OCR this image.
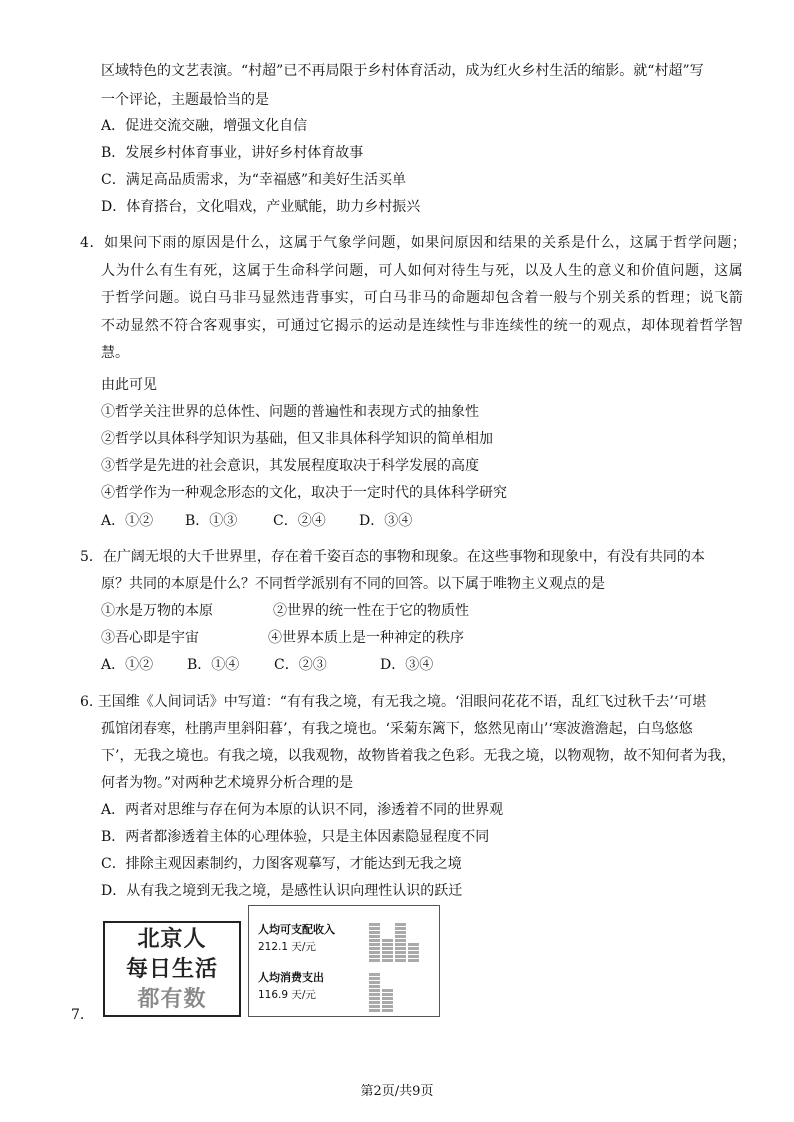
区域特色的文艺表演。“村超”已不再局限于乡村体育活动，成为红火乡村生活的缩影。就“村超”写
一个评论，主题最恰当的是
A．促进交流交融，增强文化自信
B．发展乡村体育事业，讲好乡村体育故事
C．满足高品质需求，为“幸福感”和美好生活买单
D．体育搭台，文化唱戏，产业赋能，助力乡村振兴
4．如果问下雨的原因是什么，这属于气象学问题，如果问原因和结果的关系是什么，这属于哲学问题；
人为什么有生有死，这属于生命科学问题，可人如何对待生与死，以及人生的意义和价值问题，这属
于哲学问题。说白马非马显然违背事实，可白马非马的命题却包含着一般与个别关系的哲理；说飞箭
不动显然不符合客观事实，可通过它揭示的运动是连续性与非连续性的统一的观点，却体现着哲学智
慧。
由此可见
①哲学关注世界的总体性、问题的普遍性和表现方式的抽象性
②哲学以具体科学知识为基础，但又非具体科学知识的简单相加
③哲学是先进的社会意识，其发展程度取决于科学发展的高度
④哲学作为一种观念形态的文化，取决于一定时代的具体科学研究
A．①② B．①③	C．②④ D．③④
5．在广阔无垠的大千世界里，存在着千姿百态的事物和现象。在这些事物和现象中，有没有共同的本
原？共同的本原是什么？不同哲学派别有不同的回答。以下属于唯物主义观点的是
①水是万物的本原	②世界的统一性在于它的物质性
③吾心即是宇宙	④世界本质上是一种神定的秩序
A．①② B．①④ C．②③	D．③④
6. 王国维《人间词话》中写道：“有有我之境，有无我之境。‘泪眼问花花不语，乱红飞过秋千去’‘可堪
孤馆闭春寒，杜鹃声里斜阳暮’，有我之境也。‘采菊东篱下，悠然见南山’‘寒波澹澹起，白鸟悠悠
下’，无我之境也。有我之境，以我观物，故物皆着我之色彩。无我之境，以物观物，故不知何者为我，
何者为物。”对两种艺术境界分析合理的是
A．两者对思维与存在何为本原的认识不同，渗透着不同的世界观
B．两者都渗透着主体的心理体验，只是主体因素隐显程度不同
C．排除主观因素制约，力图客观摹写，才能达到无我之境
D．从有我之境到无我之境，是感性认识向理性认识的跃迁
7.
北京人
每日生活
都有数
人均可支配收入
212.1 天/元
人均消费支出
116.9 天/元
第2页/共9页
